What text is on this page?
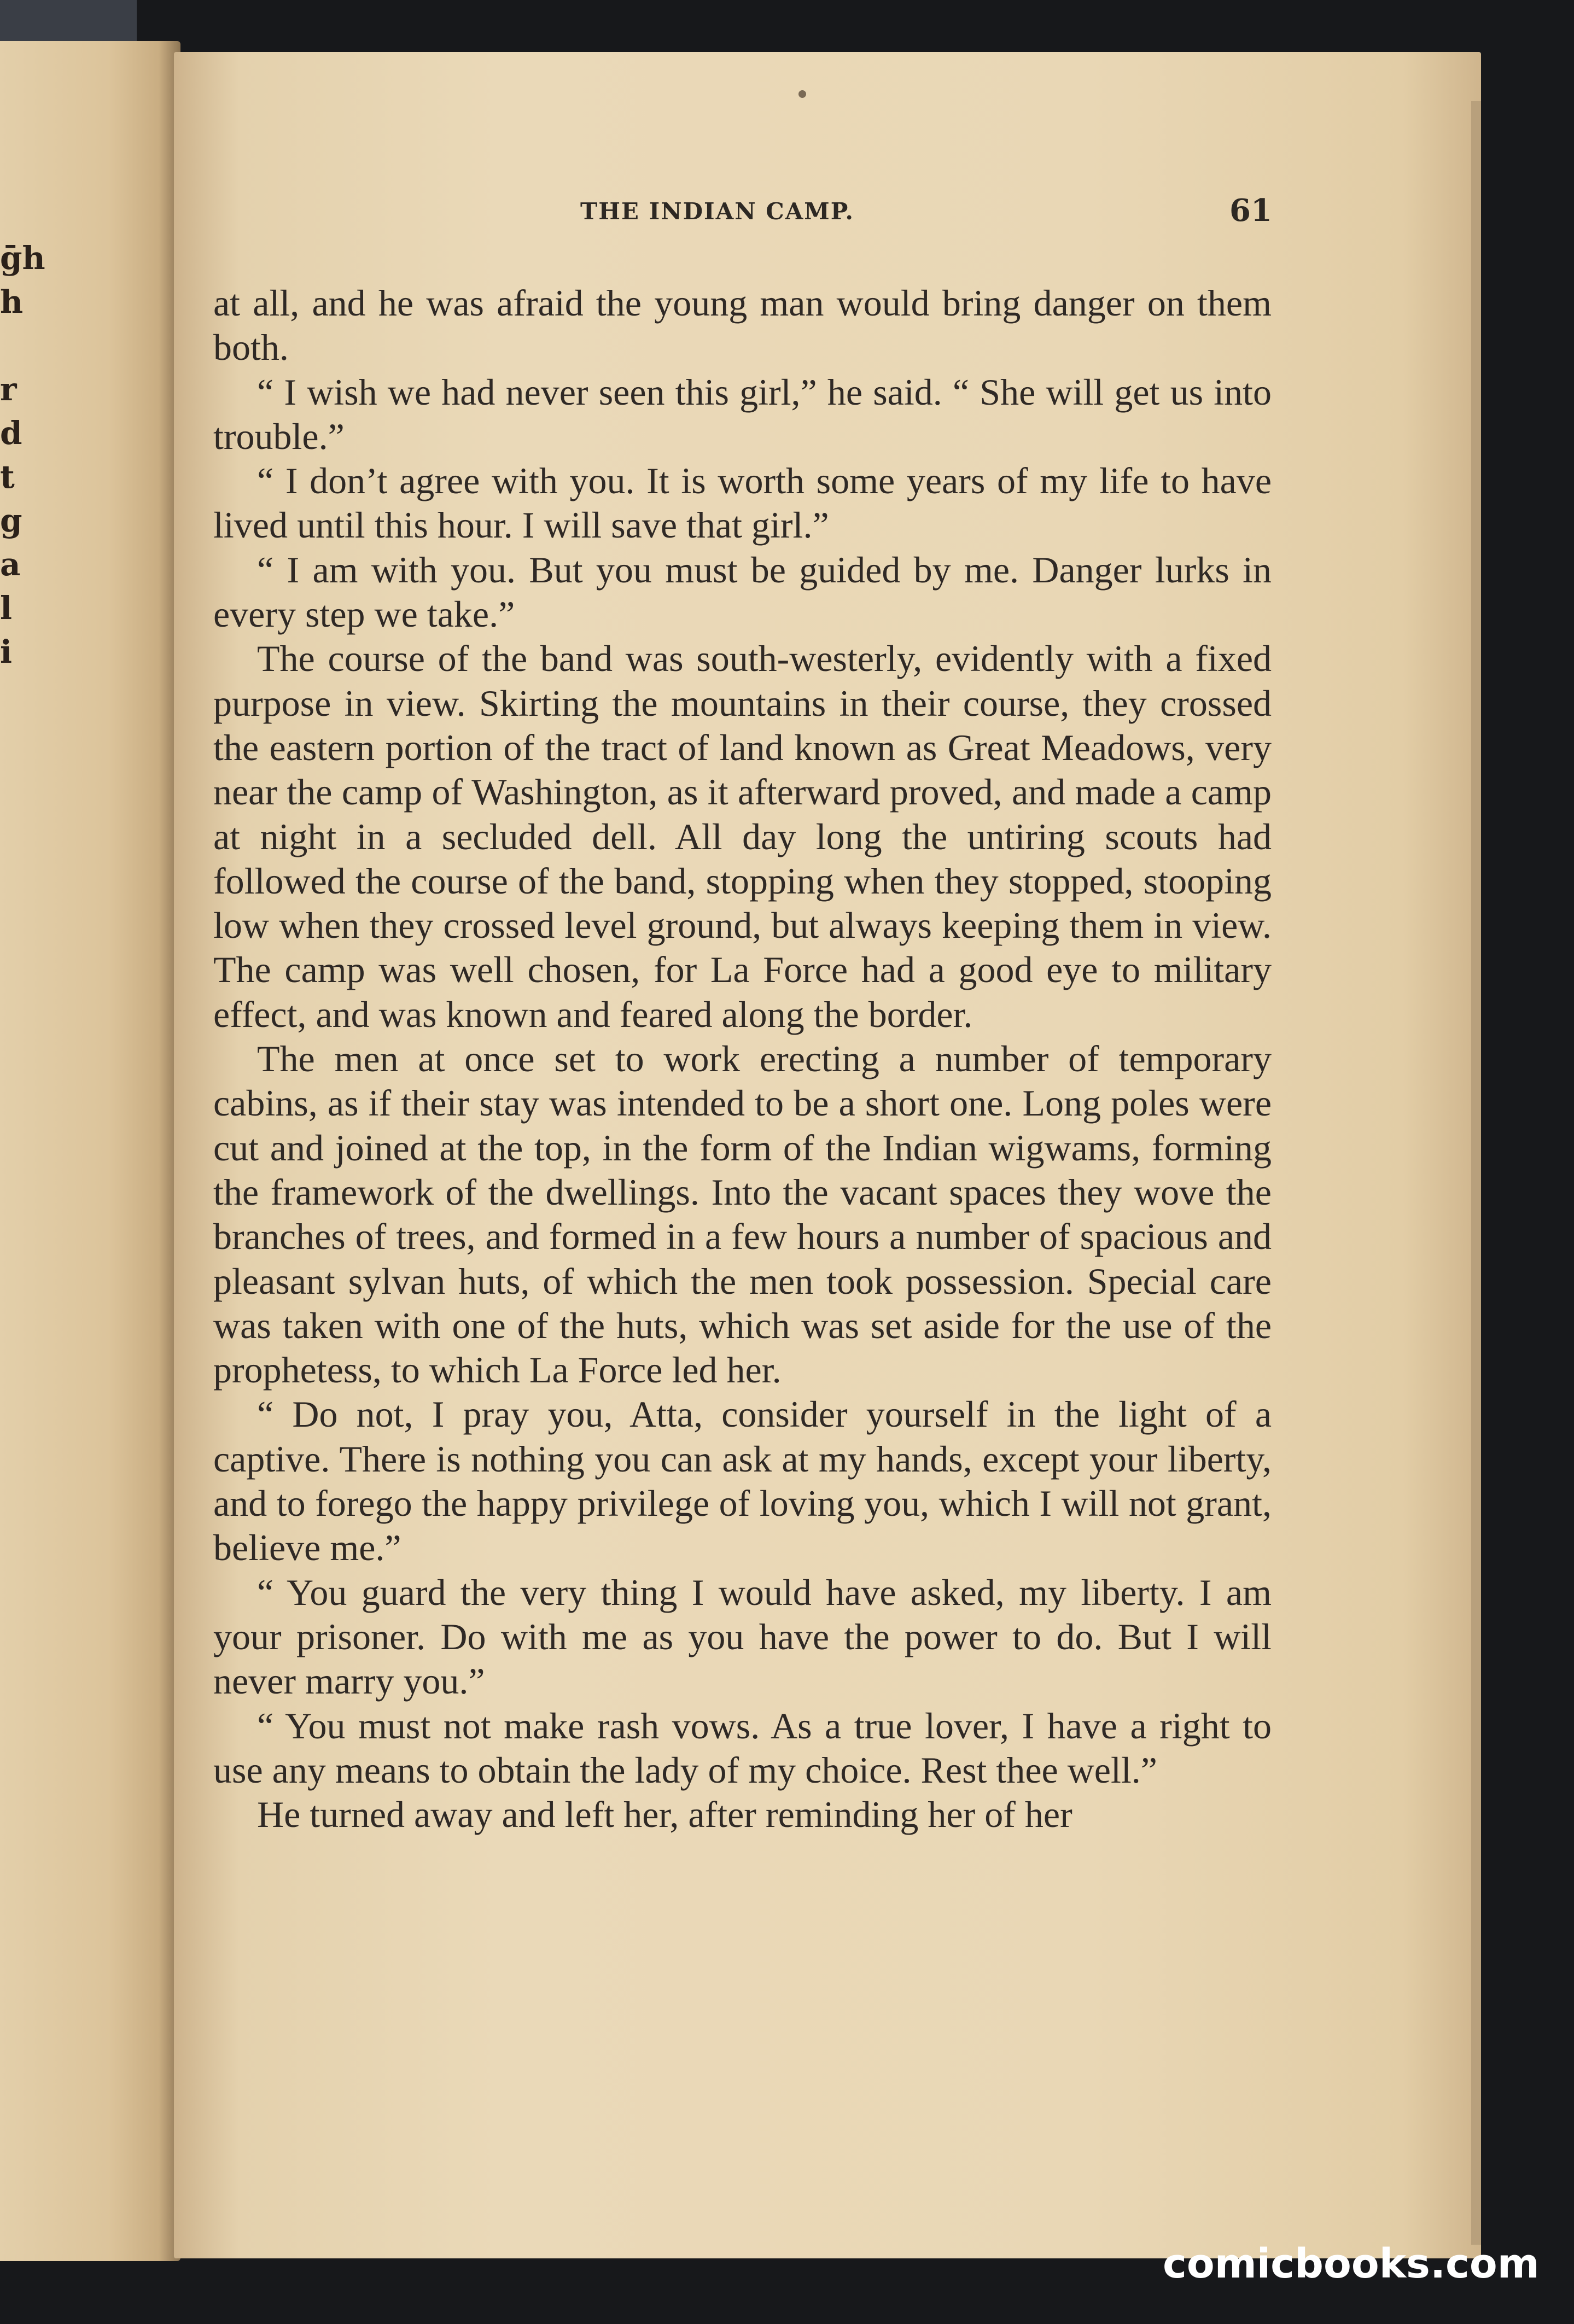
ḡh
h
r
d
t
g
a
l
i
THE INDIAN CAMP.	61

at all, and he was afraid the young man would bring danger on them both.

“ I wish we had never seen this girl,” he said. “ She will get us into trouble.”

“ I don’t agree with you. It is worth some years of my life to have lived until this hour. I will save that girl.”

“ I am with you. But you must be guided by me. Danger lurks in every step we take.”

The course of the band was south-westerly, evidently with a fixed purpose in view. Skirting the mountains in their course, they crossed the eastern portion of the tract of land known as Great Meadows, very near the camp of Washington, as it afterward proved, and made a camp at night in a secluded dell. All day long the untiring scouts had followed the course of the band, stopping when they stopped, stooping low when they crossed level ground, but always keeping them in view. The camp was well chosen, for La Force had a good eye to military effect, and was known and feared along the border.

The men at once set to work erecting a number of temporary cabins, as if their stay was intended to be a short one. Long poles were cut and joined at the top, in the form of the Indian wigwams, forming the framework of the dwellings. Into the vacant spaces they wove the branches of trees, and formed in a few hours a number of spacious and pleasant sylvan huts, of which the men took possession. Special care was taken with one of the huts, which was set aside for the use of the prophetess, to which La Force led her.

“ Do not, I pray you, Atta, consider yourself in the light of a captive. There is nothing you can ask at my hands, except your liberty, and to forego the happy privilege of loving you, which I will not grant, believe me.”

“ You guard the very thing I would have asked, my liberty. I am your prisoner. Do with me as you have the power to do. But I will never marry you.”

“ You must not make rash vows. As a true lover, I have a right to use any means to obtain the lady of my choice. Rest thee well.”

He turned away and left her, after reminding her of her

comicbooks.com
